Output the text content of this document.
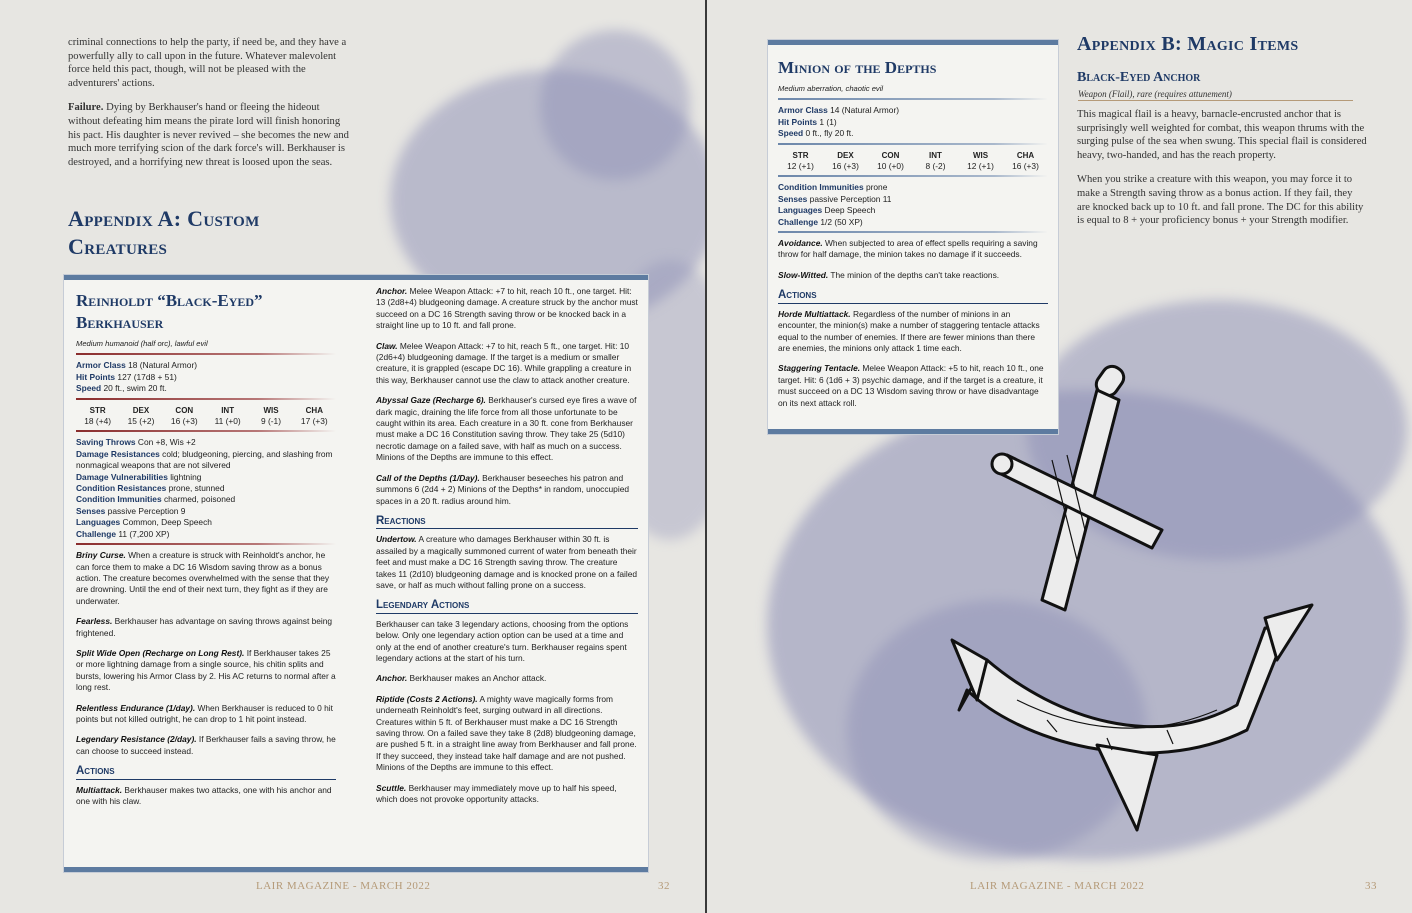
criminal connections to help the party, if need be, and they have a powerfully ally to call upon in the future. Whatever malevolent force held this pact, though, will not be pleased with the adventurers' actions.

Failure. Dying by Berkhauser's hand or fleeing the hideout without defeating him means the pirate lord will finish honoring his pact. His daughter is never revived – she becomes the new and much more terrifying scion of the dark force's will. Berkhauser is destroyed, and a horrifying new threat is loosed upon the seas.

Appendix A: Custom
Creatures
Reinholdt “Black-Eyed”
Berkhauser
Medium humanoid (half orc), lawful evil
Armor Class 18 (Natural Armor)
Hit Points 127 (17d8 + 51)
Speed 20 ft., swim 20 ft.
STR
18 (+4)
DEX
15 (+2)
CON
16 (+3)
INT
11 (+0)
WIS
9 (-1)
CHA
17 (+3)
Saving Throws Con +8, Wis +2
Damage Resistances cold; bludgeoning, piercing, and slashing from nonmagical weapons that are not silvered
Damage Vulnerabilities lightning
Condition Resistances prone, stunned
Condition Immunities charmed, poisoned
Senses passive Perception 9
Languages Common, Deep Speech
Challenge 11 (7,200 XP)

Briny Curse. When a creature is struck with Reinholdt's anchor, he can force them to make a DC 16 Wisdom saving throw as a bonus action. The creature becomes overwhelmed with the sense that they are drowning. Until the end of their next turn, they fight as if they are underwater.

Fearless. Berkhauser has advantage on saving throws against being frightened.

Split Wide Open (Recharge on Long Rest). If Berkhauser takes 25 or more lightning damage from a single source, his chitin splits and bursts, lowering his Armor Class by 2. His AC returns to normal after a long rest.

Relentless Endurance (1/day). When Berkhauser is reduced to 0 hit points but not killed outright, he can drop to 1 hit point instead.

Legendary Resistance (2/day). If Berkhauser fails a saving throw, he can choose to succeed instead.

Actions
Multiattack. Berkhauser makes two attacks, one with his anchor and one with his claw.

Anchor. Melee Weapon Attack: +7 to hit, reach 10 ft., one target. Hit: 13 (2d8+4) bludgeoning damage. A creature struck by the anchor must succeed on a DC 16 Strength saving throw or be knocked back in a straight line up to 10 ft. and fall prone.

Claw. Melee Weapon Attack: +7 to hit, reach 5 ft., one target. Hit: 10 (2d6+4) bludgeoning damage. If the target is a medium or smaller creature, it is grappled (escape DC 16). While grappling a creature in this way, Berkhauser cannot use the claw to attack another creature.

Abyssal Gaze (Recharge 6). Berkhauser's cursed eye fires a wave of dark magic, draining the life force from all those unfortunate to be caught within its area. Each creature in a 30 ft. cone from Berkhauser must make a DC 16 Constitution saving throw. They take 25 (5d10) necrotic damage on a failed save, with half as much on a success. Minions of the Depths are immune to this effect.

Call of the Depths (1/Day). Berkhauser beseeches his patron and summons 6 (2d4 + 2) Minions of the Depths* in random, unoccupied spaces in a 20 ft. radius around him.

Reactions

Undertow. A creature who damages Berkhauser within 30 ft. is assailed by a magically summoned current of water from beneath their feet and must make a DC 16 Strength saving throw. The creature takes 11 (2d10) bludgeoning damage and is knocked prone on a failed save, or half as much without falling prone on a success.

Legendary Actions

Berkhauser can take 3 legendary actions, choosing from the options below. Only one legendary action option can be used at a time and only at the end of another creature's turn. Berkhauser regains spent legendary actions at the start of his turn.

Anchor. Berkhauser makes an Anchor attack.

Riptide (Costs 2 Actions). A mighty wave magically forms from underneath Reinholdt's feet, surging outward in all directions. Creatures within 5 ft. of Berkhauser must make a DC 16 Strength saving throw. On a failed save they take 8 (2d8) bludgeoning damage, are pushed 5 ft. in a straight line away from Berkhauser and fall prone. If they succeed, they instead take half damage and are not pushed. Minions of the Depths are immune to this effect.

Scuttle. Berkhauser may immediately move up to half his speed, which does not provoke opportunity attacks.

LAIR MAGAZINE - MARCH 2022	32
Minion of the Depths
Medium aberration, chaotic evil
Armor Class 14 (Natural Armor)
Hit Points 1 (1)
Speed 0 ft., fly 20 ft.
STR
12 (+1)
DEX
16 (+3)
CON
10 (+0)
INT
8 (-2)
WIS
12 (+1)
CHA
16 (+3)
Condition Immunities prone
Senses passive Perception 11
Languages Deep Speech
Challenge 1/2 (50 XP)

Avoidance. When subjected to area of effect spells requiring a saving throw for half damage, the minion takes no damage if it succeeds.

Slow-Witted. The minion of the depths can't take reactions.

Actions

Horde Multiattack. Regardless of the number of minions in an encounter, the minion(s) make a number of staggering tentacle attacks equal to the number of enemies. If there are fewer minions than there are enemies, the minions only attack 1 time each.

Staggering Tentacle. Melee Weapon Attack: +5 to hit, reach 10 ft., one target. Hit: 6 (1d6 + 3) psychic damage, and if the target is a creature, it must succeed on a DC 13 Wisdom saving throw or have disadvantage on its next attack roll.

Appendix B: Magic Items
Black-Eyed Anchor
Weapon (Flail), rare (requires attunement)

This magical flail is a heavy, barnacle-encrusted anchor that is surprisingly well weighted for combat, this weapon thrums with the surging pulse of the sea when swung. This special flail is considered heavy, two-handed, and has the reach property.

When you strike a creature with this weapon, you may force it to make a Strength saving throw as a bonus action. If they fail, they are knocked back up to 10 ft. and fall prone. The DC for this ability is equal to 8 + your proficiency bonus + your Strength modifier.

LAIR MAGAZINE - MARCH 2022	33
